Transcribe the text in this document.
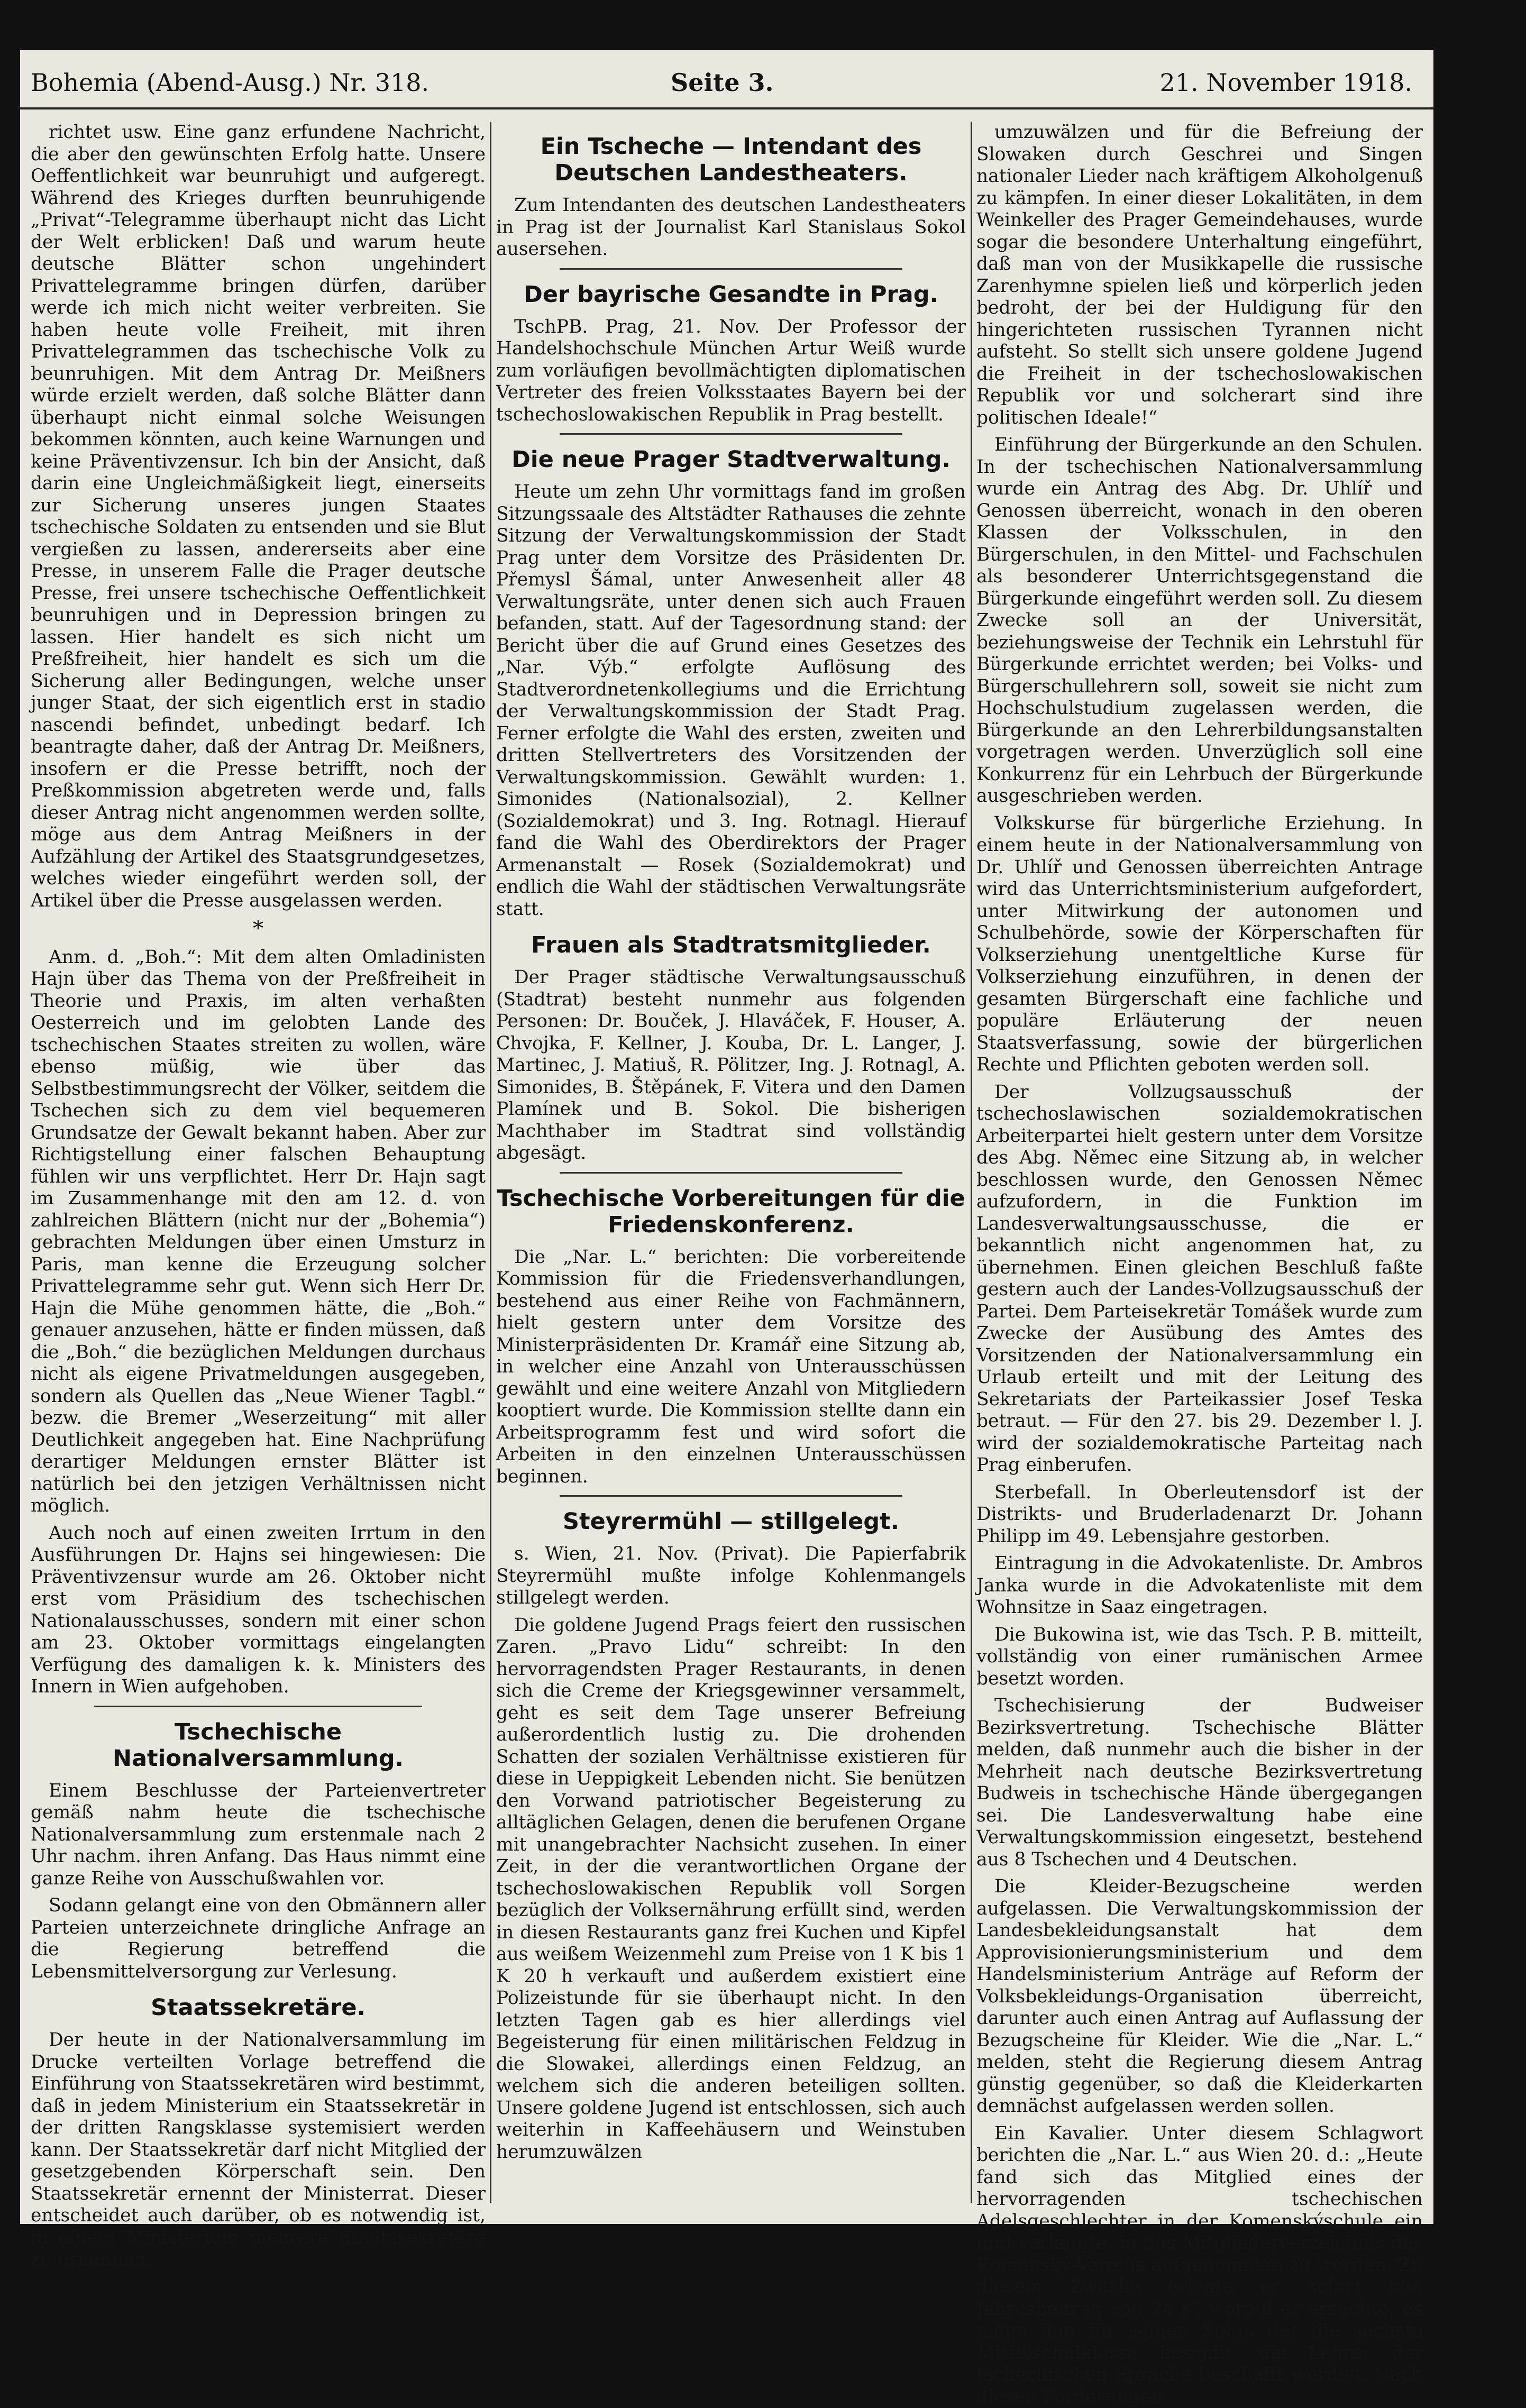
Bohemia (Abend-Ausg.) Nr. 318.	Seite 3.	21. November 1918.

richtet usw. Eine ganz erfundene Nachricht, die aber den gewünschten Erfolg hatte. Unsere Oeffentlichkeit war beunruhigt und aufgeregt. Während des Krieges durften beunruhigende „Privat“-Telegramme überhaupt nicht das Licht der Welt erblicken! Daß und warum heute deutsche Blätter schon ungehindert Privattelegramme bringen dürfen, darüber werde ich mich nicht weiter verbreiten. Sie haben heute volle Freiheit, mit ihren Privattelegrammen das tschechische Volk zu beunruhigen. Mit dem Antrag Dr. Meißners würde erzielt werden, daß solche Blätter dann überhaupt nicht einmal solche Weisungen bekommen könnten, auch keine Warnungen und keine Präventivzensur. Ich bin der Ansicht, daß darin eine Ungleichmäßigkeit liegt, einerseits zur Sicherung unseres jungen Staates tschechische Soldaten zu entsenden und sie Blut vergießen zu lassen, andererseits aber eine Presse, in unserem Falle die Prager deutsche Presse, frei unsere tschechische Oeffentlichkeit beunruhigen und in Depression bringen zu lassen. Hier handelt es sich nicht um Preßfreiheit, hier handelt es sich um die Sicherung aller Bedingungen, welche unser junger Staat, der sich eigentlich erst in stadio nascendi befindet, unbedingt bedarf. Ich beantragte daher, daß der Antrag Dr. Meißners, insofern er die Presse betrifft, noch der Preßkommission abgetreten werde und, falls dieser Antrag nicht angenommen werden sollte, möge aus dem Antrag Meißners in der Aufzählung der Artikel des Staatsgrundgesetzes, welches wieder eingeführt werden soll, der Artikel über die Presse ausgelassen werden.

*

Anm. d. „Boh.“: Mit dem alten Omladinisten Hajn über das Thema von der Preßfreiheit in Theorie und Praxis, im alten verhaßten Oesterreich und im gelobten Lande des tschechischen Staates streiten zu wollen, wäre ebenso müßig, wie über das Selbstbestimmungsrecht der Völker, seitdem die Tschechen sich zu dem viel bequemeren Grundsatze der Gewalt bekannt haben. Aber zur Richtigstellung einer falschen Behauptung fühlen wir uns verpflichtet. Herr Dr. Hajn sagt im Zusammenhange mit den am 12. d. von zahlreichen Blättern (nicht nur der „Bohemia“) gebrachten Meldungen über einen Umsturz in Paris, man kenne die Erzeugung solcher Privattelegramme sehr gut. Wenn sich Herr Dr. Hajn die Mühe genommen hätte, die „Boh.“ genauer anzusehen, hätte er finden müssen, daß die „Boh.“ die bezüglichen Meldungen durchaus nicht als eigene Privatmeldungen ausgegeben, sondern als Quellen das „Neue Wiener Tagbl.“ bezw. die Bremer „Weserzeitung“ mit aller Deutlichkeit angegeben hat. Eine Nachprüfung derartiger Meldungen ernster Blätter ist natürlich bei den jetzigen Verhältnissen nicht möglich.

Auch noch auf einen zweiten Irrtum in den Ausführungen Dr. Hajns sei hingewiesen: Die Präventivzensur wurde am 26. Oktober nicht erst vom Präsidium des tschechischen Nationalausschusses, sondern mit einer schon am 23. Oktober vormittags eingelangten Verfügung des damaligen k. k. Ministers des Innern in Wien aufgehoben.

Tschechische Nationalversammlung.

Einem Beschlusse der Parteienvertreter gemäß nahm heute die tschechische Nationalversammlung zum erstenmale nach 2 Uhr nachm. ihren Anfang. Das Haus nimmt eine ganze Reihe von Ausschußwahlen vor.

Sodann gelangt eine von den Obmännern aller Parteien unterzeichnete dringliche Anfrage an die Regierung betreffend die Lebensmittelversorgung zur Verlesung.

Staatssekretäre.

Der heute in der Nationalversammlung im Drucke verteilten Vorlage betreffend die Einführung von Staatssekretären wird bestimmt, daß in jedem Ministerium ein Staatssekretär in der dritten Rangsklasse systemisiert werden kann. Der Staatssekretär darf nicht Mitglied der gesetzgebenden Körperschaft sein. Den Staatssekretär ernennt der Ministerrat. Dieser entscheidet auch darüber, ob es notwendig ist, in einem Ministerium mehrere Staatssekretäre zu ernennen.

Ein Tscheche — Intendant des Deutschen Landestheaters.

Zum Intendanten des deutschen Landestheaters in Prag ist der Journalist Karl Stanislaus Sokol ausersehen.

Der bayrische Gesandte in Prag.

TschPB. Prag, 21. Nov. Der Professor der Handelshochschule München Artur Weiß wurde zum vorläufigen bevollmächtigten diplomatischen Vertreter des freien Volksstaates Bayern bei der tschechoslowakischen Republik in Prag bestellt.

Die neue Prager Stadtverwaltung.

Heute um zehn Uhr vormittags fand im großen Sitzungssaale des Altstädter Rathauses die zehnte Sitzung der Verwaltungskommission der Stadt Prag unter dem Vorsitze des Präsidenten Dr. Přemysl Šámal, unter Anwesenheit aller 48 Verwaltungsräte, unter denen sich auch Frauen befanden, statt. Auf der Tagesordnung stand: der Bericht über die auf Grund eines Gesetzes des „Nar. Výb.“ erfolgte Auflösung des Stadtverordnetenkollegiums und die Errichtung der Verwaltungskommission der Stadt Prag. Ferner erfolgte die Wahl des ersten, zweiten und dritten Stellvertreters des Vorsitzenden der Verwaltungskommission. Gewählt wurden: 1. Simonides (Nationalsozial), 2. Kellner (Sozialdemokrat) und 3. Ing. Rotnagl. Hierauf fand die Wahl des Oberdirektors der Prager Armenanstalt — Rosek (Sozialdemokrat) und endlich die Wahl der städtischen Verwaltungsräte statt.

Frauen als Stadtratsmitglieder.

Der Prager städtische Verwaltungsausschuß (Stadtrat) besteht nunmehr aus folgenden Personen: Dr. Bouček, J. Hlaváček, F. Houser, A. Chvojka, F. Kellner, J. Kouba, Dr. L. Langer, J. Martinec, J. Matiuš, R. Pölitzer, Ing. J. Rotnagl, A. Simonides, B. Štěpánek, F. Vitera und den Damen Plamínek und B. Sokol. Die bisherigen Machthaber im Stadtrat sind vollständig abgesägt.

Tschechische Vorbereitungen für die Friedenskonferenz.

Die „Nar. L.“ berichten: Die vorbereitende Kommission für die Friedensverhandlungen, bestehend aus einer Reihe von Fachmännern, hielt gestern unter dem Vorsitze des Ministerpräsidenten Dr. Kramář eine Sitzung ab, in welcher eine Anzahl von Unterausschüssen gewählt und eine weitere Anzahl von Mitgliedern kooptiert wurde. Die Kommission stellte dann ein Arbeitsprogramm fest und wird sofort die Arbeiten in den einzelnen Unterausschüssen beginnen.

Steyrermühl — stillgelegt.

s. Wien, 21. Nov. (Privat). Die Papierfabrik Steyrermühl mußte infolge Kohlenmangels stillgelegt werden.

Die goldene Jugend Prags feiert den russischen Zaren. „Pravo Lidu“ schreibt: In den hervorragendsten Prager Restaurants, in denen sich die Creme der Kriegsgewinner versammelt, geht es seit dem Tage unserer Befreiung außerordentlich lustig zu. Die drohenden Schatten der sozialen Verhältnisse existieren für diese in Ueppigkeit Lebenden nicht. Sie benützen den Vorwand patriotischer Begeisterung zu alltäglichen Gelagen, denen die berufenen Organe mit unangebrachter Nachsicht zusehen. In einer Zeit, in der die verantwortlichen Organe der tschechoslowakischen Republik voll Sorgen bezüglich der Volksernährung erfüllt sind, werden in diesen Restaurants ganz frei Kuchen und Kipfel aus weißem Weizenmehl zum Preise von 1 K bis 1 K 20 h verkauft und außerdem existiert eine Polizeistunde für sie überhaupt nicht. In den letzten Tagen gab es hier allerdings viel Begeisterung für einen militärischen Feldzug in die Slowakei, allerdings einen Feldzug, an welchem sich die anderen beteiligen sollten. Unsere goldene Jugend ist entschlossen, sich auch weiterhin in Kaffeehäusern und Weinstuben herumzuwälzen

umzuwälzen und für die Befreiung der Slowaken durch Geschrei und Singen nationaler Lieder nach kräftigem Alkoholgenuß zu kämpfen. In einer dieser Lokalitäten, in dem Weinkeller des Prager Gemeindehauses, wurde sogar die besondere Unterhaltung eingeführt, daß man von der Musikkapelle die russische Zarenhymne spielen ließ und körperlich jeden bedroht, der bei der Huldigung für den hingerichteten russischen Tyrannen nicht aufsteht. So stellt sich unsere goldene Jugend die Freiheit in der tschechoslowakischen Republik vor und solcherart sind ihre politischen Ideale!“

Einführung der Bürgerkunde an den Schulen. In der tschechischen Nationalversammlung wurde ein Antrag des Abg. Dr. Uhlíř und Genossen überreicht, wonach in den oberen Klassen der Volksschulen, in den Bürgerschulen, in den Mittel- und Fachschulen als besonderer Unterrichtsgegenstand die Bürgerkunde eingeführt werden soll. Zu diesem Zwecke soll an der Universität, beziehungsweise der Technik ein Lehrstuhl für Bürgerkunde errichtet werden; bei Volks- und Bürgerschullehrern soll, soweit sie nicht zum Hochschulstudium zugelassen werden, die Bürgerkunde an den Lehrerbildungsanstalten vorgetragen werden. Unverzüglich soll eine Konkurrenz für ein Lehrbuch der Bürgerkunde ausgeschrieben werden.

Volkskurse für bürgerliche Erziehung. In einem heute in der Nationalversammlung von Dr. Uhlíř und Genossen überreichten Antrage wird das Unterrichtsministerium aufgefordert, unter Mitwirkung der autonomen und Schulbehörde, sowie der Körperschaften für Volkserziehung unentgeltliche Kurse für Volkserziehung einzuführen, in denen der gesamten Bürgerschaft eine fachliche und populäre Erläuterung der neuen Staatsverfassung, sowie der bürgerlichen Rechte und Pflichten geboten werden soll.

Der Vollzugsausschuß der tschechoslawischen sozialdemokratischen Arbeiterpartei hielt gestern unter dem Vorsitze des Abg. Němec eine Sitzung ab, in welcher beschlossen wurde, den Genossen Němec aufzufordern, in die Funktion im Landesverwaltungsausschusse, die er bekanntlich nicht angenommen hat, zu übernehmen. Einen gleichen Beschluß faßte gestern auch der Landes-Vollzugsausschuß der Partei. Dem Parteisekretär Tomášek wurde zum Zwecke der Ausübung des Amtes des Vorsitzenden der Nationalversammlung ein Urlaub erteilt und mit der Leitung des Sekretariats der Parteikassier Josef Teska betraut. — Für den 27. bis 29. Dezember l. J. wird der sozialdemokratische Parteitag nach Prag einberufen.

Sterbefall. In Oberleutensdorf ist der Distrikts- und Bruderladenarzt Dr. Johann Philipp im 49. Lebensjahre gestorben.

Eintragung in die Advokatenliste. Dr. Ambros Janka wurde in die Advokatenliste mit dem Wohnsitze in Saaz eingetragen.

Die Bukowina ist, wie das Tsch. P. B. mitteilt, vollständig von einer rumänischen Armee besetzt worden.

Tschechisierung der Budweiser Bezirksvertretung. Tschechische Blätter melden, daß nunmehr auch die bisher in der Mehrheit nach deutsche Bezirksvertretung Budweis in tschechische Hände übergegangen sei. Die Landesverwaltung habe eine Verwaltungskommission eingesetzt, bestehend aus 8 Tschechen und 4 Deutschen.

Die Kleider-Bezugscheine werden aufgelassen. Die Verwaltungskommission der Landesbekleidungsanstalt hat dem Approvisionierungsministerium und dem Handelsministerium Anträge auf Reform der Volksbekleidungs-Organisation überreicht, darunter auch einen Antrag auf Auflassung der Bezugscheine für Kleider. Wie die „Nar. L.“ melden, steht die Regierung diesem Antrag günstig gegenüber, so daß die Kleiderkarten demnächst aufgelassen werden sollen.

Ein Kavalier. Unter diesem Schlagwort berichten die „Nar. L.“ aus Wien 20. d.: „Heute fand sich das Mitglied eines der hervorragenden tschechischen Adelsgeschlechter in der Komenskýschule ein und verlangte, in das Mitgliederverzeichnis des Komenský-Vereins aufgenommen zu werden. Zu diesem Zwecke erlegte er sofort den Jahresbeitrag von 24 K, worauf er ersuchte, es möge ihm für seinen Sohn, der die sechste Mittelschulklasse besucht, ein Lehrer der tschechischen Sprache beschafft werden. Nach diesen Forderungen
